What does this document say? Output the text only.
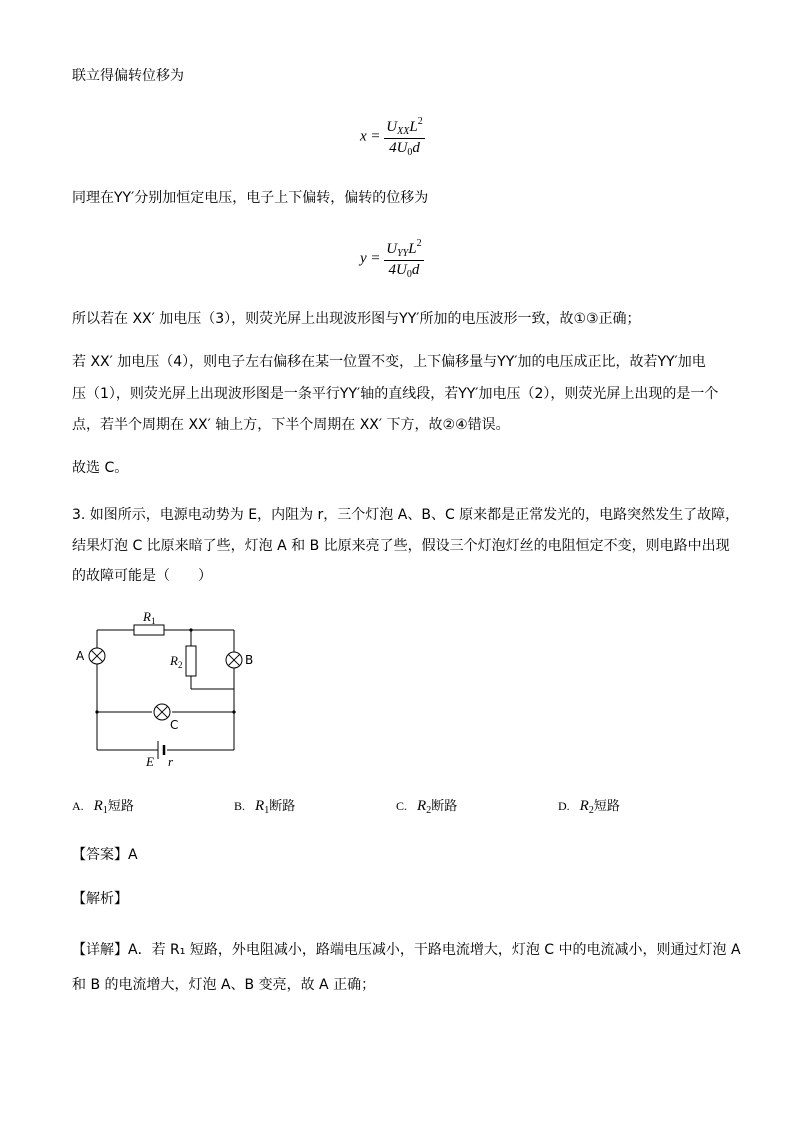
联立得偏转位移为
$x = \frac{U_{XX}L^2}{4U_0d}$
同理在YY′分别加恒定电压，电子上下偏转，偏转的位移为
$y = \frac{U_{YY}L^2}{4U_0d}$
所以若在 XX′ 加电压（3），则荧光屏上出现波形图与YY′所加的电压波形一致，故①③正确；
若 XX′ 加电压（4），则电子左右偏移在某一位置不变，上下偏移量与YY′加的电压成正比，故若YY′加电
压（1），则荧光屏上出现波形图是一条平行YY′轴的直线段，若YY′加电压（2），则荧光屏上出现的是一个
点，若半个周期在 XX′ 轴上方，下半个周期在 XX′ 下方，故②④错误。
故选 C。
3. 如图所示，电源电动势为 E，内阻为 r，三个灯泡 A、B、C 原来都是正常发光的，电路突然发生了故障，
结果灯泡 C 比原来暗了些，灯泡 A 和 B 比原来亮了些，假设三个灯泡灯丝的电阻恒定不变，则电路中出现
的故障可能是（　　）
$R_1$
$R_2$
A	B
C
E r
A. $R_1$短路	B. $R_1$断路	C. $R_2$断路	D. $R_2$短路
【答案】A
【解析】
【详解】A．若 R₁ 短路，外电阻减小，路端电压减小，干路电流增大，灯泡 C 中的电流减小，则通过灯泡 A
和 B 的电流增大，灯泡 A、B 变亮，故 A 正确；
